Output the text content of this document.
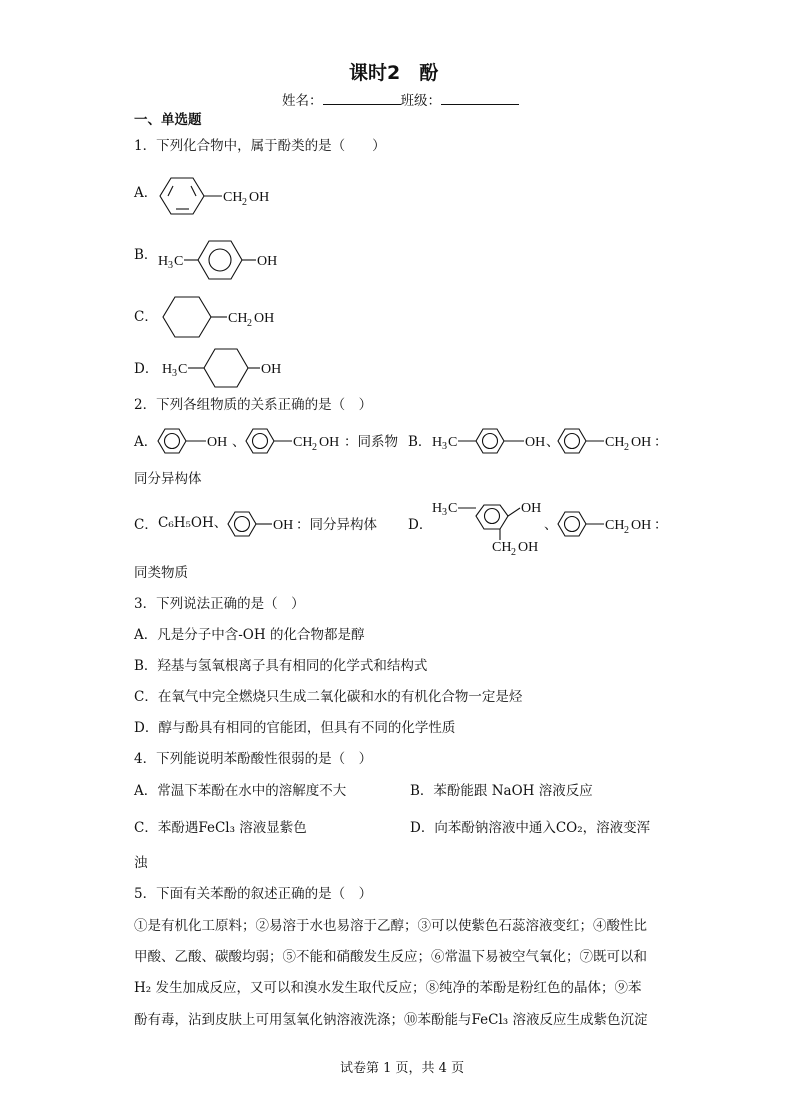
课时2　酚
姓名：	班级：
一、单选题
1．下列化合物中，属于酚类的是（　　）
A．	CH 2 OH
B． H 3 C	OH
C．	CH 2 OH
D． H 3 C	OH
2．下列各组物质的关系正确的是（　）
A．	OH 、	CH 2 OH ：同系物 B． H 3 C	OH 、	CH 2 OH ：
同分异构体
C． C₆H₅OH、	OH ：同分异构体 D．
H 3 C	OH
CH 2 OH
、	CH 2 OH ：
同类物质
3．下列说法正确的是（　）
A．凡是分子中含-OH 的化合物都是醇
B．羟基与氢氧根离子具有相同的化学式和结构式
C．在氧气中完全燃烧只生成二氧化碳和水的有机化合物一定是烃
D．醇与酚具有相同的官能团，但具有不同的化学性质
4．下列能说明苯酚酸性很弱的是（　）
A．常温下苯酚在水中的溶解度不大	B．苯酚能跟 NaOH 溶液反应
C．苯酚遇FeCl₃ 溶液显紫色	D．向苯酚钠溶液中通入CO₂，溶液变浑
浊
5．下面有关苯酚的叙述正确的是（　）
①是有机化工原料；②易溶于水也易溶于乙醇；③可以使紫色石蕊溶液变红；④酸性比
甲酸、乙酸、碳酸均弱；⑤不能和硝酸发生反应；⑥常温下易被空气氧化；⑦既可以和
H₂ 发生加成反应，又可以和溴水发生取代反应；⑧纯净的苯酚是粉红色的晶体；⑨苯
酚有毒，沾到皮肤上可用氢氧化钠溶液洗涤；⑩苯酚能与FeCl₃ 溶液反应生成紫色沉淀
试卷第 1 页，共 4 页
